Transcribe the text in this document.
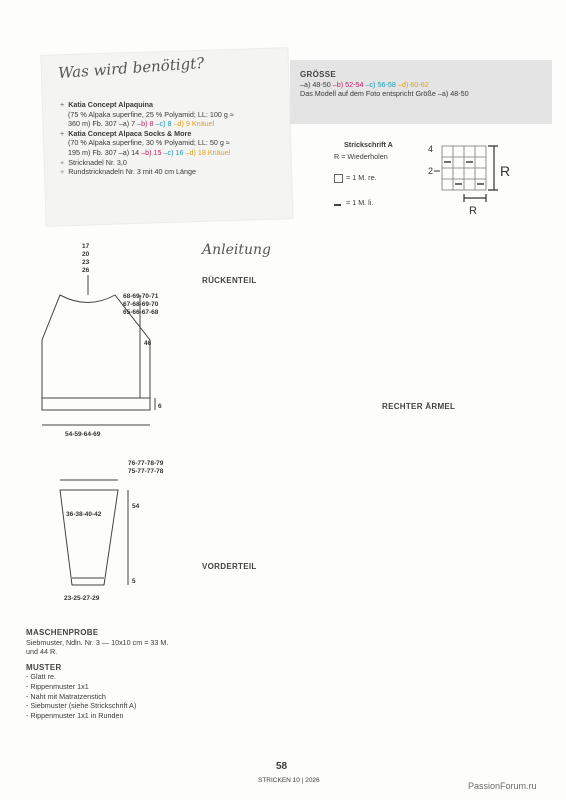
Was wird benötigt?
+ Katia Concept Alpaquina
(75 % Alpaka superfine, 25 % Polyamid; LL: 100 g ≈
360 m) Fb. 307 –a) 7 –b) 8 –c) 8 –d) 9 Knäuel
+ Katia Concept Alpaca Socks & More
(70 % Alpaka superfine, 30 % Polyamid; LL: 50 g ≈
195 m) Fb. 307 –a) 14 –b) 15 –c) 16 –d) 18 Knäuel
+ Stricknadel Nr. 3,0
+ Rundstricknadeln Nr. 3 mit 40 cm Länge
GRÖSSE
–a) 48-50 –b) 52-54 –c) 56-58 –d) 60-62
Das Modell auf dem Foto entspricht Größe –a) 48-50
Strickschrift A
R = Wiederholen
= 1 M. re.
= 1 M. li.
4
2	R
R
17
20
23
26
68-69-70-71
67-68-69-70
65-66-67-68
46
6
54-59-64-69
76-77-78-79
75-77-77-78
36-38-40-42
54
5
23-25-27-29
MASCHENPROBE
Siebmuster, Ndln. Nr. 3 — 10x10 cm = 33 M.
und 44 R.
MUSTER
- Glatt re.
- Rippenmuster 1x1
- Naht mit Matratzenstich
- Siebmuster (siehe Strickschrift A)
- Rippenmuster 1x1 in Runden
Anleitung
RÜCKENTEIL
VORDERTEIL
RECHTER ÄRMEL
58
STRICKEN 10 | 2026
PassionForum.ru
